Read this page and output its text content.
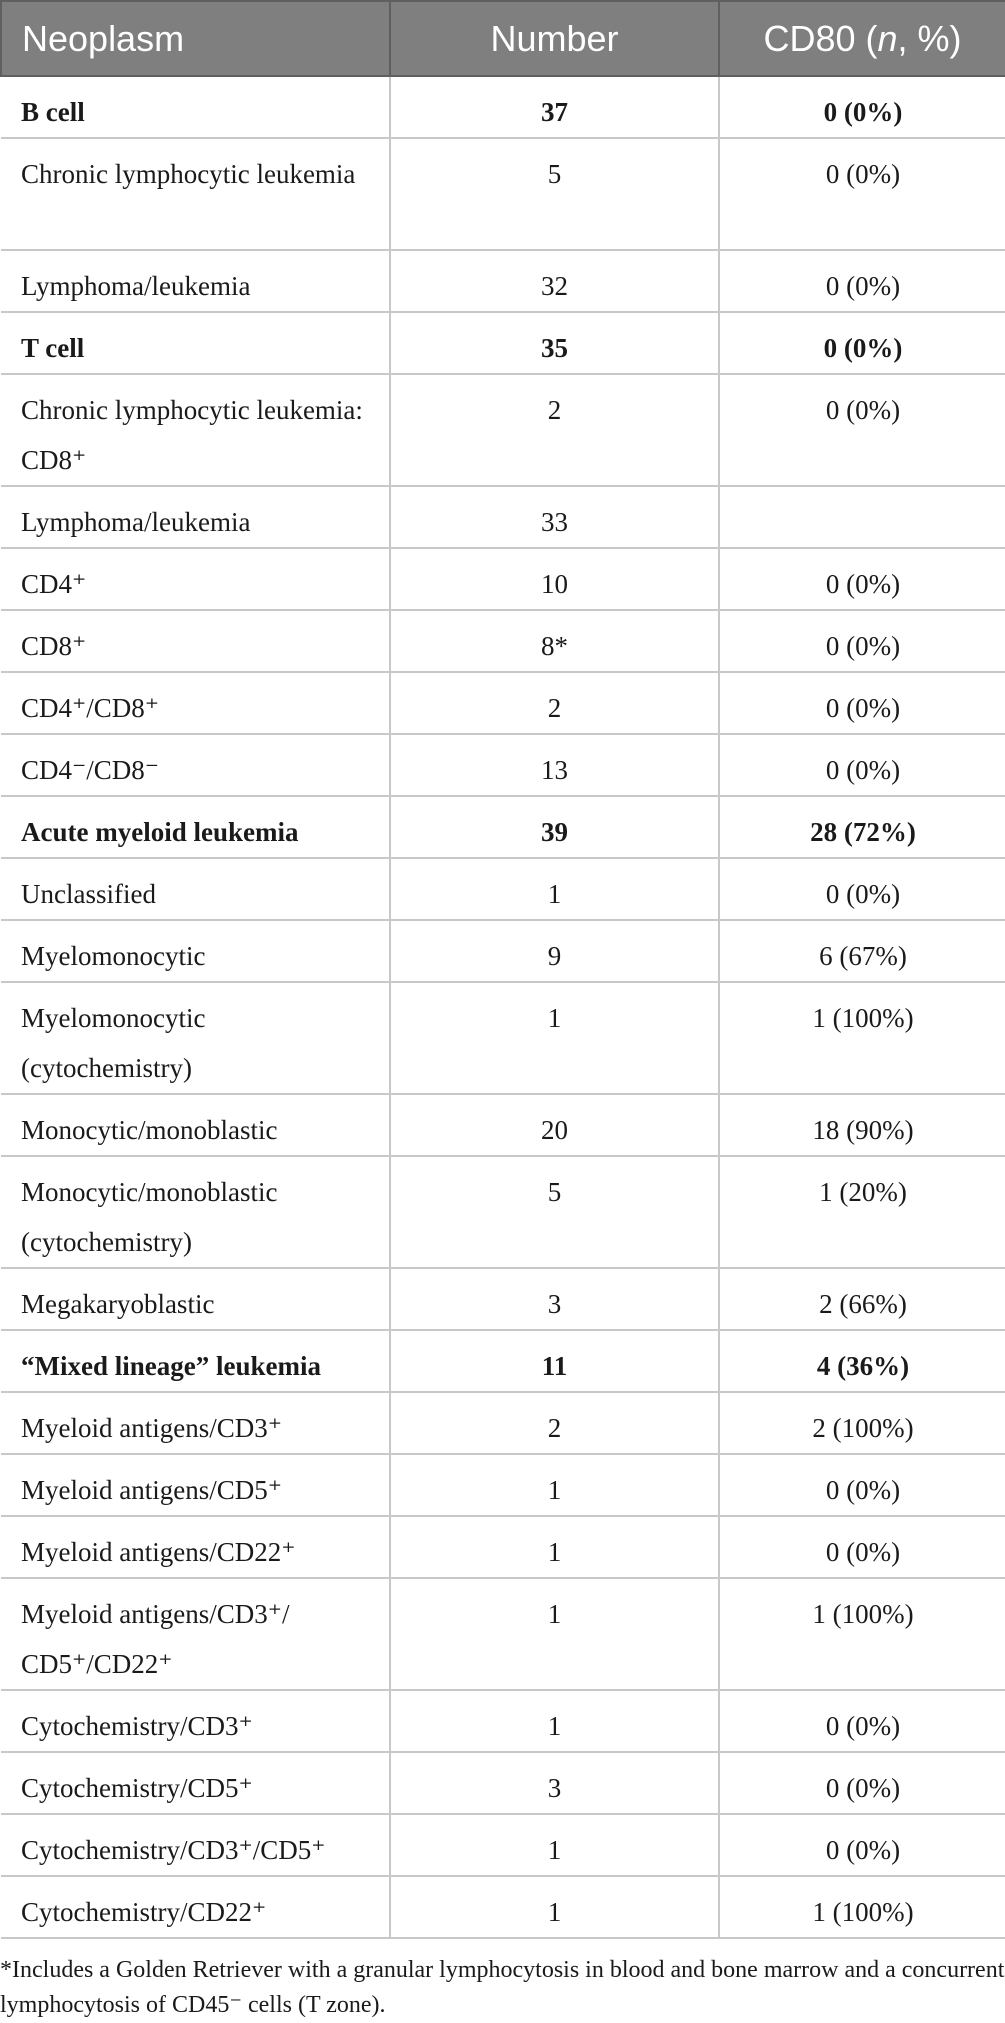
Neoplasm	Number	CD80 (n, %)

B cell	37	0 (0%)

Chronic lymphocytic leukemia	5	0 (0%)

Lymphoma/leukemia	32	0 (0%)

T cell	35	0 (0%)

Chronic lymphocytic leukemia: CD8⁺	2	0 (0%)

Lymphoma/leukemia	33	

CD4⁺	10	0 (0%)

CD8⁺	8*	0 (0%)

CD4⁺/CD8⁺	2	0 (0%)

CD4⁻/CD8⁻	13	0 (0%)

Acute myeloid leukemia	39	28 (72%)

Unclassified	1	0 (0%)

Myelomonocytic	9	6 (67%)

Myelomonocytic (cytochemistry)	1	1 (100%)

Monocytic/monoblastic	20	18 (90%)

Monocytic/monoblastic (cytochemistry)	5	1 (20%)

Megakaryoblastic	3	2 (66%)

“Mixed lineage” leukemia	11	4 (36%)

Myeloid antigens/CD3⁺	2	2 (100%)

Myeloid antigens/CD5⁺	1	0 (0%)

Myeloid antigens/CD22⁺	1	0 (0%)

Myeloid antigens/CD3⁺/ CD5⁺/CD22⁺	1	1 (100%)

Cytochemistry/CD3⁺	1	0 (0%)

Cytochemistry/CD5⁺	3	0 (0%)

Cytochemistry/CD3⁺/CD5⁺	1	0 (0%)

Cytochemistry/CD22⁺	1	1 (100%)
*Includes a Golden Retriever with a granular lymphocytosis in blood and bone marrow and a concurrent lymphocytosis of CD45⁻ cells (T zone).
